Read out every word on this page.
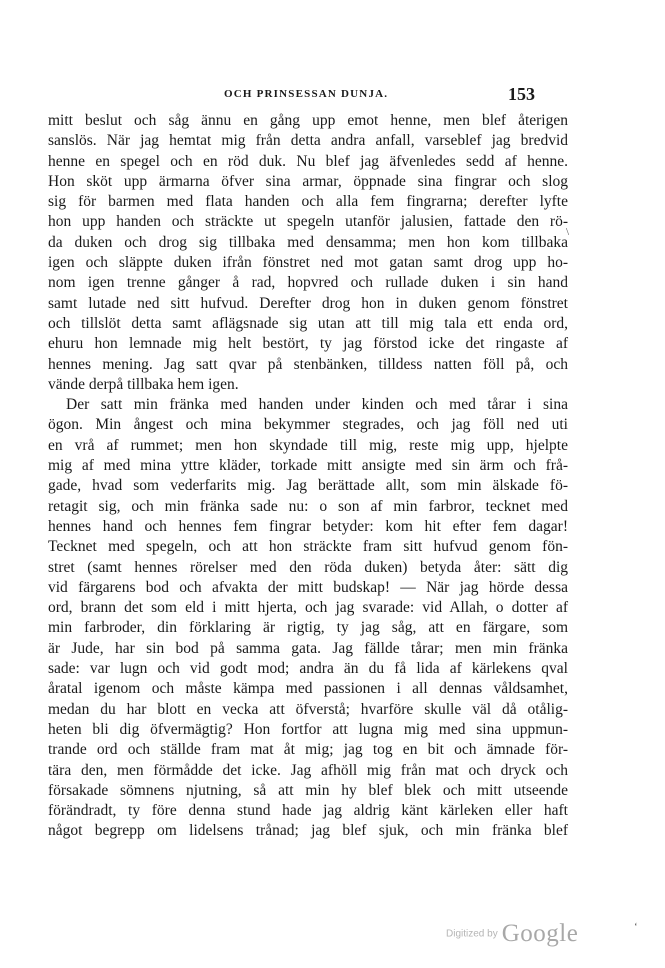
OCH PRINSESSAN DUNJA.	153
mitt beslut och såg ännu en gång upp emot henne, men blef återigen
sanslös. När jag hemtat mig från detta andra anfall, varseblef jag bredvid
henne en spegel och en röd duk. Nu blef jag äfvenledes sedd af henne.
Hon sköt upp ärmarna öfver sina armar, öppnade sina fingrar och slog
sig för barmen med flata handen och alla fem fingrarna; derefter lyfte
hon upp handen och sträckte ut spegeln utanför jalusien, fattade den rö-
da duken och drog sig tillbaka med densamma; men hon kom tillbaka
igen och släppte duken ifrån fönstret ned mot gatan samt drog upp ho-
nom igen trenne gånger å rad, hopvred och rullade duken i sin hand
samt lutade ned sitt hufvud. Derefter drog hon in duken genom fönstret
och tillslöt detta samt aflägsnade sig utan att till mig tala ett enda ord,
ehuru hon lemnade mig helt bestört, ty jag förstod icke det ringaste af
hennes mening. Jag satt qvar på stenbänken, tilldess natten föll på, och
vände derpå tillbaka hem igen.
Der satt min fränka med handen under kinden och med tårar i sina
ögon. Min ångest och mina bekymmer stegrades, och jag föll ned uti
en vrå af rummet; men hon skyndade till mig, reste mig upp, hjelpte
mig af med mina yttre kläder, torkade mitt ansigte med sin ärm och frå-
gade, hvad som vederfarits mig. Jag berättade allt, som min älskade fö-
retagit sig, och min fränka sade nu: o son af min farbror, tecknet med
hennes hand och hennes fem fingrar betyder: kom hit efter fem dagar!
Tecknet med spegeln, och att hon sträckte fram sitt hufvud genom fön-
stret (samt hennes rörelser med den röda duken) betyda åter: sätt dig
vid färgarens bod och afvakta der mitt budskap! — När jag hörde dessa
ord, brann det som eld i mitt hjerta, och jag svarade: vid Allah, o dotter af
min farbroder, din förklaring är rigtig, ty jag såg, att en färgare, som
är Jude, har sin bod på samma gata. Jag fällde tårar; men min fränka
sade: var lugn och vid godt mod; andra än du få lida af kärlekens qval
åratal igenom och måste kämpa med passionen i all dennas våldsamhet,
medan du har blott en vecka att öfverstå; hvarföre skulle väl då otålig-
heten bli dig öfvermägtig? Hon fortfor att lugna mig med sina uppmun-
trande ord och ställde fram mat åt mig; jag tog en bit och ämnade för-
tära den, men förmådde det icke. Jag afhöll mig från mat och dryck och
försakade sömnens njutning, så att min hy blef blek och mitt utseende
förändradt, ty före denna stund hade jag aldrig känt kärleken eller haft
något begrepp om lidelsens trånad; jag blef sjuk, och min fränka blef
\
‘
Digitized by Google
